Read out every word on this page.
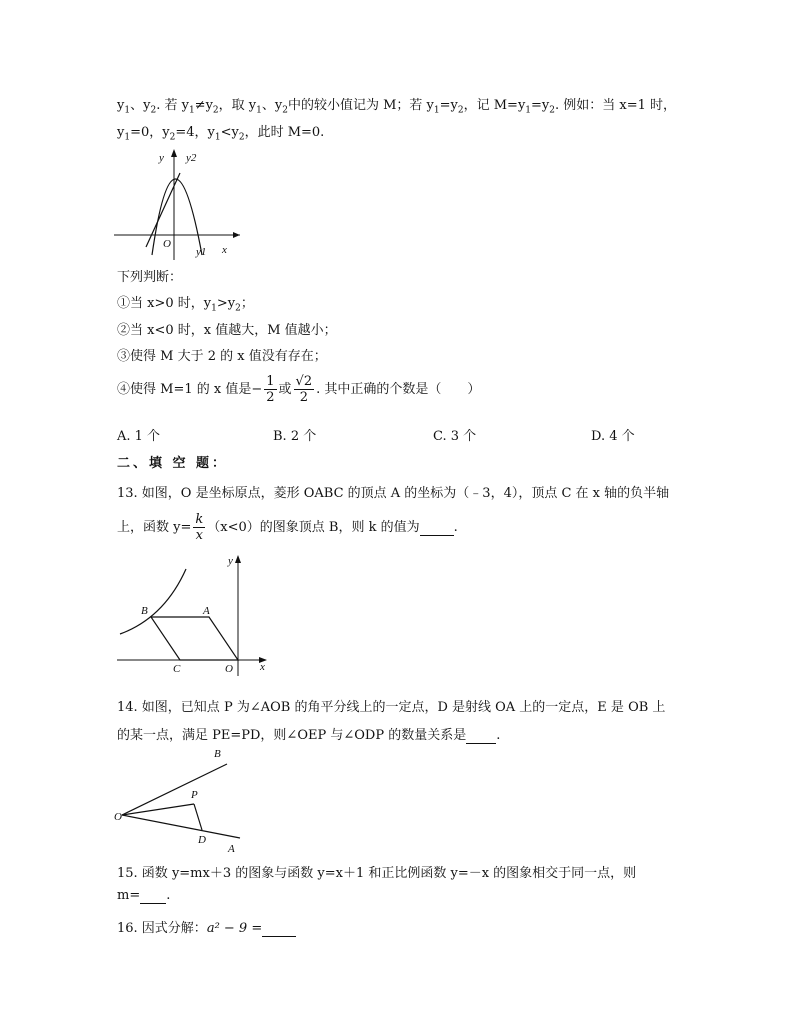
$y_1$、$y_2$. 若 $y_1\ne y_2$，取 $y_1$、$y_2$中的较小值记为 M；若 $y_1=y_2$，记 $M=y_1=y_2$. 例如：当 x=1 时，
$y_1=0$，$y_2=4$，$y_1<y_2$，此时 M=0.
y y2
O
y1 x
下列判断：
①当 x>0 时，$y_1>y_2$；
②当 x<0 时，x 值越大，M 值越小；
③使得 M 大于 2 的 x 值没有存在；
④使得 M=1 的 x 值是− $\frac{1}{2}$ 或 $\frac{√2}{2}$ . 其中正确的个数是（　　）
A. 1 个	B. 2 个	C. 3 个	D. 4 个
二、填 空 题：
13. 如图，O 是坐标原点，菱形 OABC 的顶点 A 的坐标为（﹣3，4），顶点 C 在 x 轴的负半轴
上，函数 $y= \frac{k}{x} (x<0)$的图象顶点 B，则 k 的值为	.
B	A
C	O x
y
14. 如图，已知点 P 为∠AOB 的角平分线上的一定点，D 是射线 OA 上的一定点，E 是 OB 上
的某一点，满足 PE=PD，则∠OEP 与∠ODP 的数量关系是 .
B
P
O
D
A
15. 函数 y=mx＋3 的图象与函数 y=x＋1 和正比例函数 y=－x 的图象相交于同一点，则
m= .
16. 因式分解：a² − 9 =
